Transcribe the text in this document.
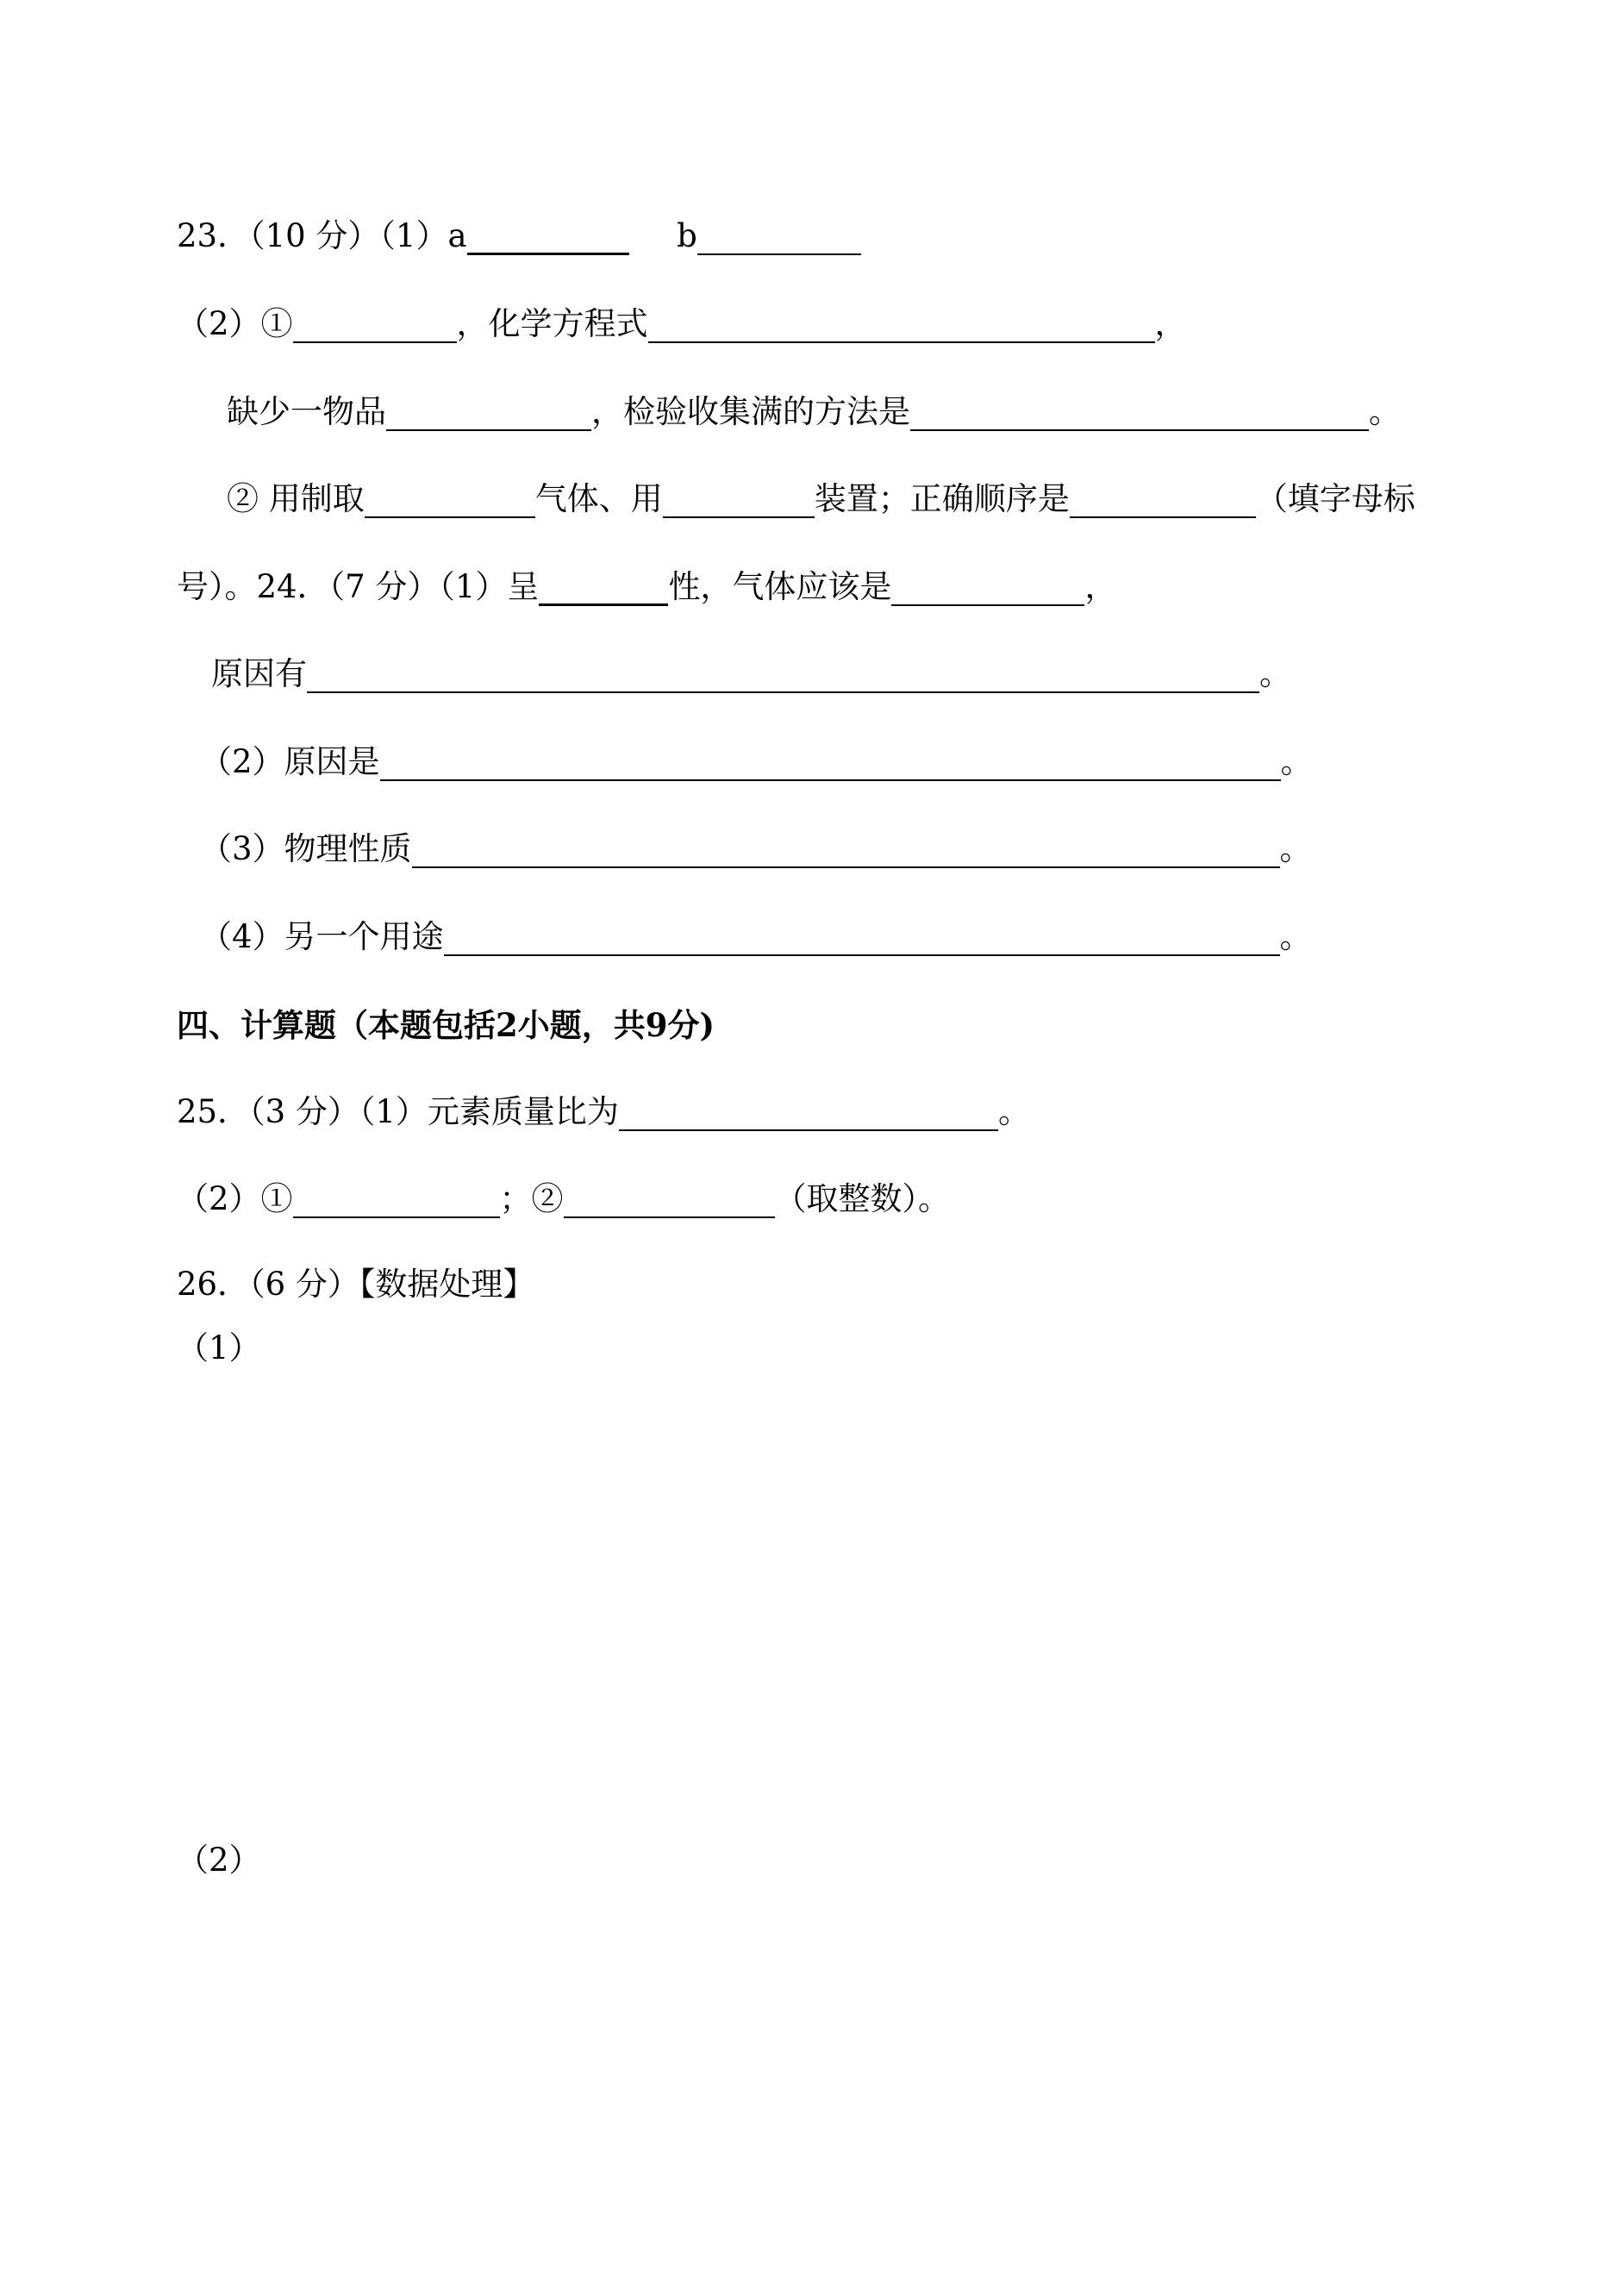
23．（10 分）（1）a	b
（2）①	，化学方程式	，
缺少一物品	，检验收集满的方法是	。
② 用制取	气体、用	装置；正确顺序是	（填字母标
号）。24．（7 分）（1）呈	性，气体应该是	，
原因有	。
（2）原因是	。
（3）物理性质	。
（4）另一个用途	。
四、计算题（本题包括2小题，共9分)
25．（3 分）（1）元素质量比为	。
（2）①	；②	（取整数）。
26．（6 分）【数据处理】
（1）
（2）
